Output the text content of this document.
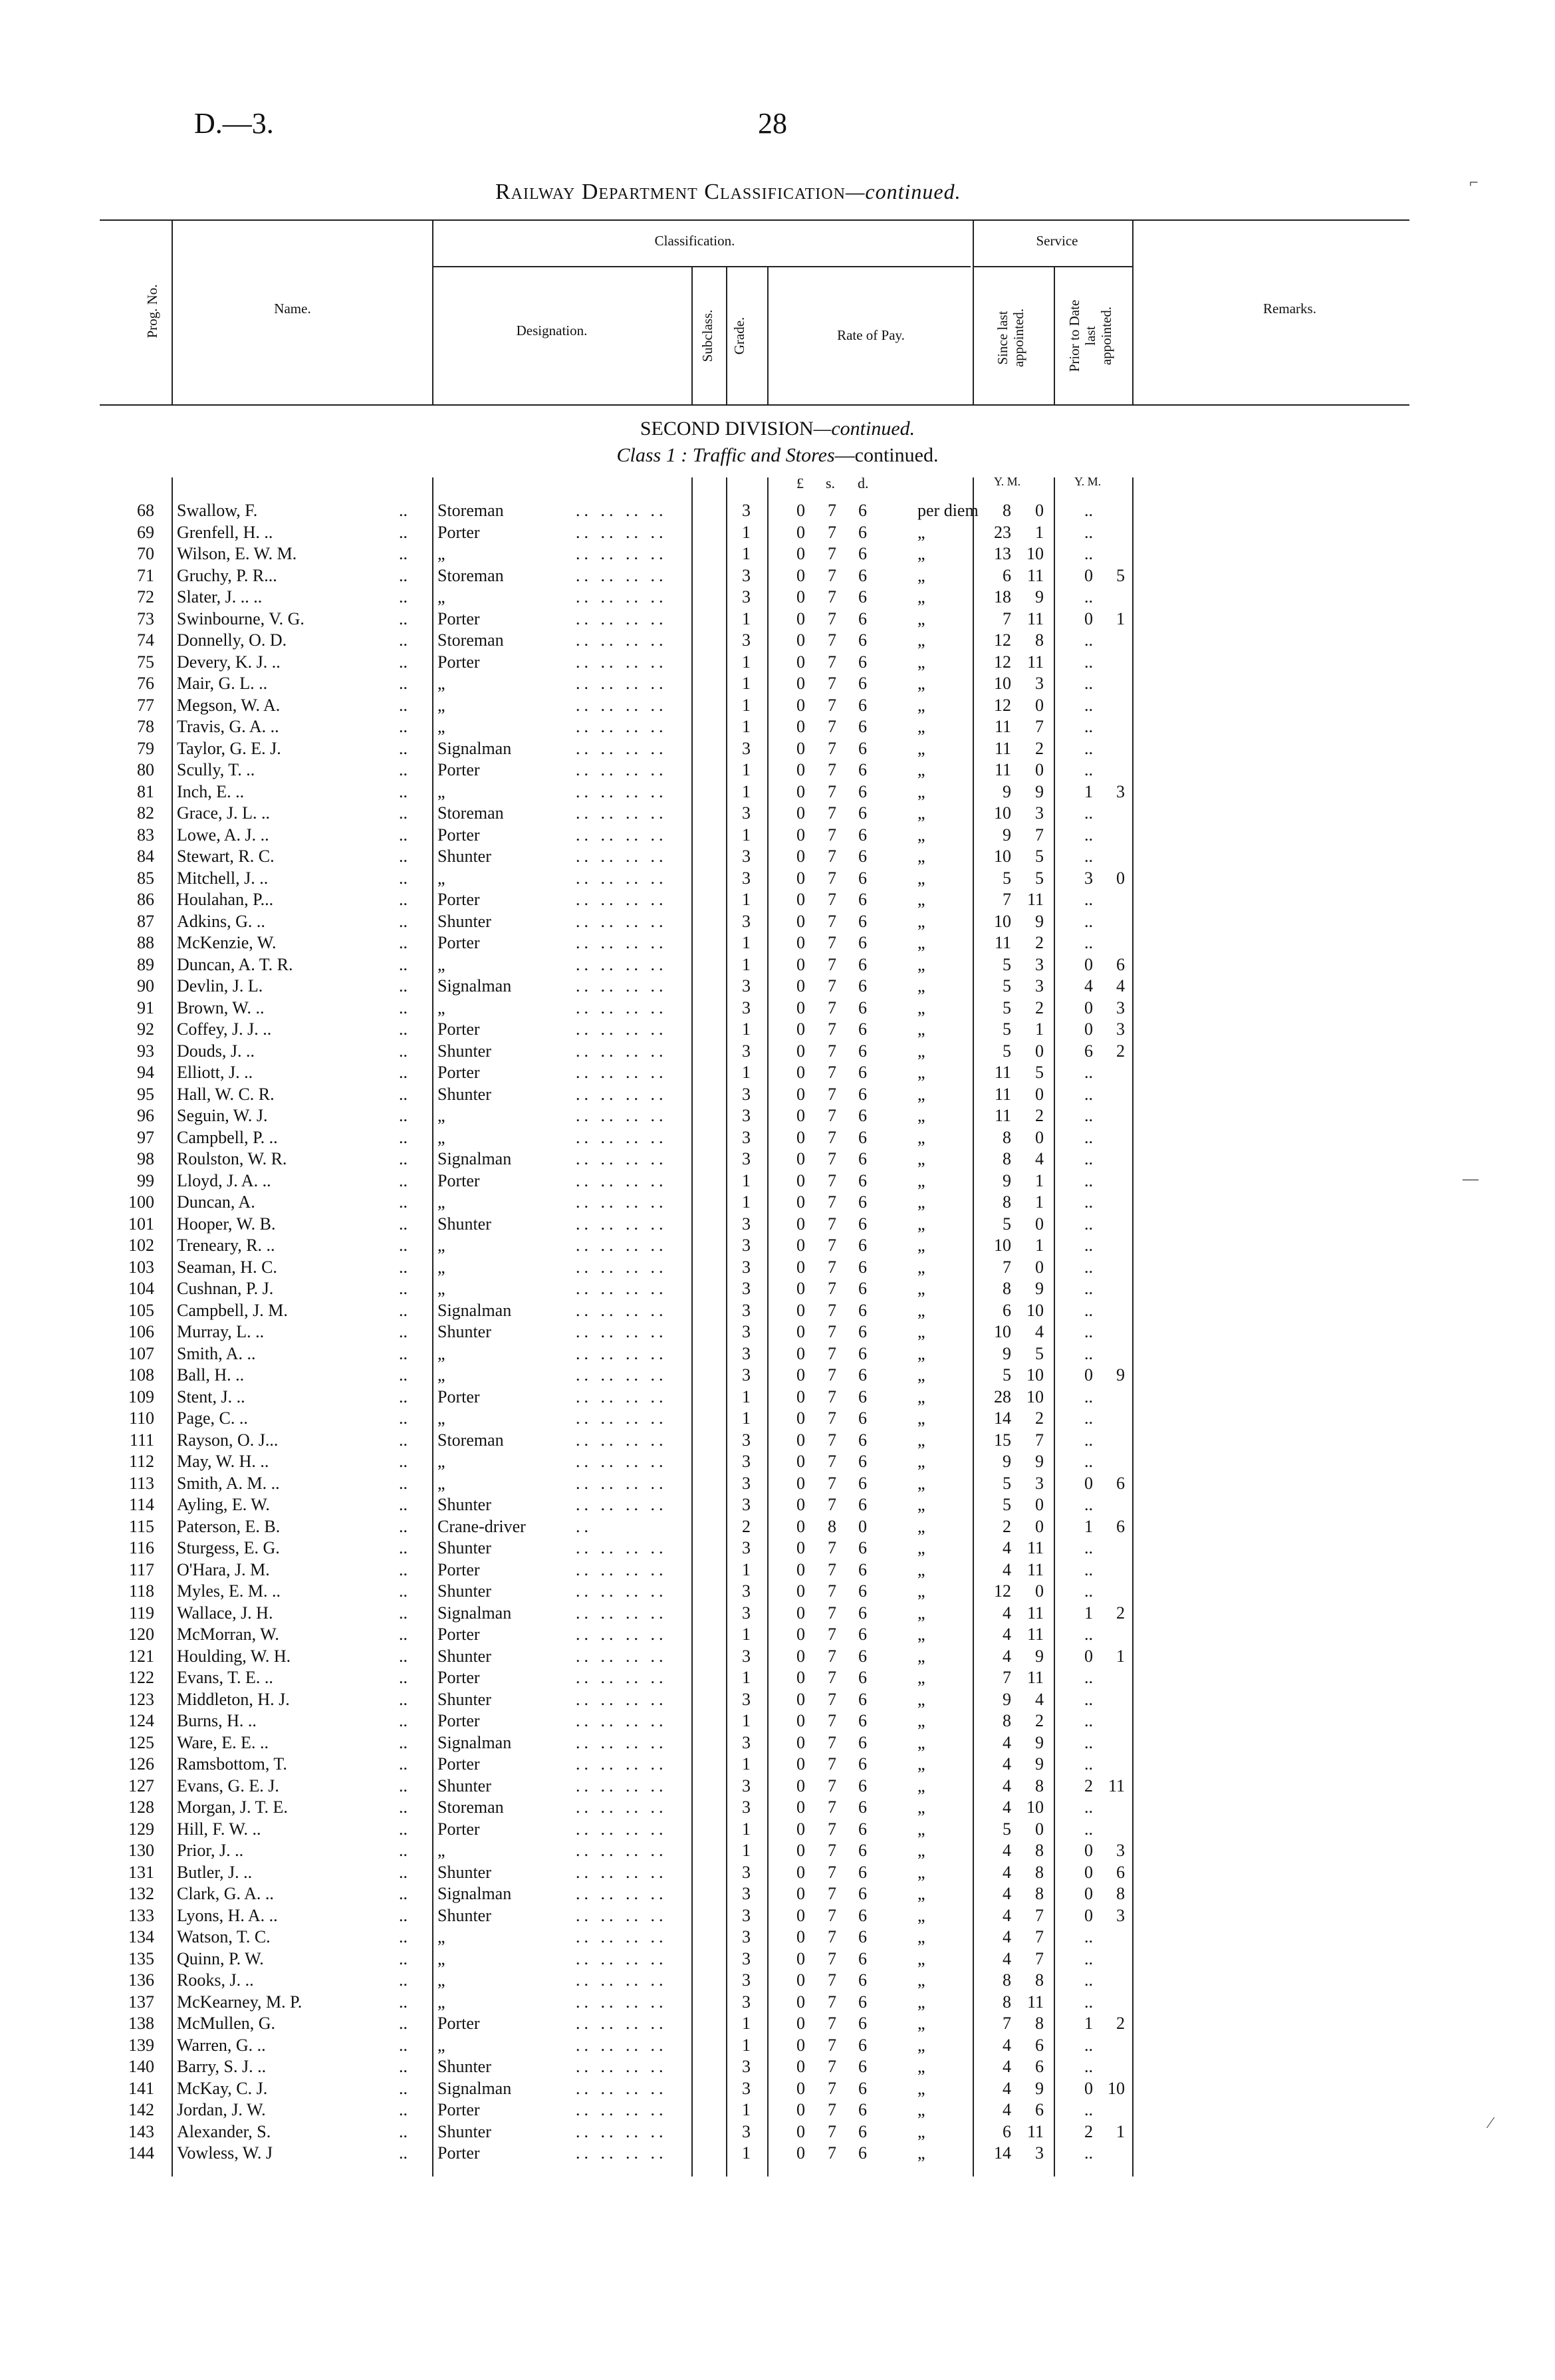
D.—3.	28
Railway Department Classification—continued.
Prog. No.	Name.
Classification.
Designation.	Subclass. Grade.	Rate of Pay.
Service
Since last
appointed.	Prior to Date
last
appointed.	Remarks.
SECOND DIVISION—continued.
Class 1 : Traffic and Stores—continued.
£ s. d.	Y. M.	Y. M.
68 Swallow, F.	.. Storeman	.. .. .. ..	3	0 7 6	per diem	8	0	..
69 Grenfell, H. ..	.. Porter	.. .. .. ..	1	0 7 6	„	23	1	..
70 Wilson, E. W. M.	.. „	.. .. .. ..	1	0 7 6	„	13 10	..
71 Gruchy, P. R...	.. Storeman	.. .. .. ..	3	0 7 6	„	6 11	0	5
72 Slater, J. .. ..	.. „	.. .. .. ..	3	0 7 6	„	18	9	..
73 Swinbourne, V. G.	.. Porter	.. .. .. ..	1	0 7 6	„	7 11	0	1
74 Donnelly, O. D.	.. Storeman	.. .. .. ..	3	0 7 6	„	12	8	..
75 Devery, K. J. ..	.. Porter	.. .. .. ..	1	0 7 6	„	12 11	..
76 Mair, G. L. ..	.. „	.. .. .. ..	1	0 7 6	„	10	3	..
77 Megson, W. A.	.. „	.. .. .. ..	1	0 7 6	„	12	0	..
78 Travis, G. A. ..	.. „	.. .. .. ..	1	0 7 6	„	11	7	..
79 Taylor, G. E. J.	.. Signalman	.. .. .. ..	3	0 7 6	„	11	2	..
80 Scully, T. ..	.. Porter	.. .. .. ..	1	0 7 6	„	11	0	..
81 Inch, E. ..	.. „	.. .. .. ..	1	0 7 6	„	9	9	1	3
82 Grace, J. L. ..	.. Storeman	.. .. .. ..	3	0 7 6	„	10	3	..
83 Lowe, A. J. ..	.. Porter	.. .. .. ..	1	0 7 6	„	9	7	..
84 Stewart, R. C.	.. Shunter	.. .. .. ..	3	0 7 6	„	10	5	..
85 Mitchell, J. ..	.. „	.. .. .. ..	3	0 7 6	„	5	5	3	0
86 Houlahan, P...	.. Porter	.. .. .. ..	1	0 7 6	„	7 11	..
87 Adkins, G. ..	.. Shunter	.. .. .. ..	3	0 7 6	„	10	9	..
88 McKenzie, W.	.. Porter	.. .. .. ..	1	0 7 6	„	11	2	..
89 Duncan, A. T. R.	.. „	.. .. .. ..	1	0 7 6	„	5	3	0	6
90 Devlin, J. L.	.. Signalman	.. .. .. ..	3	0 7 6	„	5	3	4	4
91 Brown, W. ..	.. „	.. .. .. ..	3	0 7 6	„	5	2	0	3
92 Coffey, J. J. ..	.. Porter	.. .. .. ..	1	0 7 6	„	5	1	0	3
93 Douds, J. ..	.. Shunter	.. .. .. ..	3	0 7 6	„	5	0	6	2
94 Elliott, J. ..	.. Porter	.. .. .. ..	1	0 7 6	„	11	5	..
95 Hall, W. C. R.	.. Shunter	.. .. .. ..	3	0 7 6	„	11	0	..
96 Seguin, W. J.	.. „	.. .. .. ..	3	0 7 6	„	11	2	..
97 Campbell, P. ..	.. „	.. .. .. ..	3	0 7 6	„	8	0	..
98 Roulston, W. R.	.. Signalman	.. .. .. ..	3	0 7 6	„	8	4	..
99 Lloyd, J. A. ..	.. Porter	.. .. .. ..	1	0 7 6	„	9	1	..
100 Duncan, A.	.. „	.. .. .. ..	1	0 7 6	„	8	1	..
101 Hooper, W. B.	.. Shunter	.. .. .. ..	3	0 7 6	„	5	0	..
102 Treneary, R. ..	.. „	.. .. .. ..	3	0 7 6	„	10	1	..
103 Seaman, H. C.	.. „	.. .. .. ..	3	0 7 6	„	7	0	..
104 Cushnan, P. J.	.. „	.. .. .. ..	3	0 7 6	„	8	9	..
105 Campbell, J. M.	.. Signalman	.. .. .. ..	3	0 7 6	„	6 10	..
106 Murray, L. ..	.. Shunter	.. .. .. ..	3	0 7 6	„	10	4	..
107 Smith, A. ..	.. „	.. .. .. ..	3	0 7 6	„	9	5	..
108 Ball, H. ..	.. „	.. .. .. ..	3	0 7 6	„	5 10	0	9
109 Stent, J. ..	.. Porter	.. .. .. ..	1	0 7 6	„	28 10	..
110 Page, C. ..	.. „	.. .. .. ..	1	0 7 6	„	14	2	..
111 Rayson, O. J...	.. Storeman	.. .. .. ..	3	0 7 6	„	15	7	..
112 May, W. H. ..	.. „	.. .. .. ..	3	0 7 6	„	9	9	..
113 Smith, A. M. ..	.. „	.. .. .. ..	3	0 7 6	„	5	3	0	6
114 Ayling, E. W.	.. Shunter	.. .. .. ..	3	0 7 6	„	5	0	..
115 Paterson, E. B.	.. Crane-driver	..	2	0 8 0	„	2	0	1	6
116 Sturgess, E. G.	.. Shunter	.. .. .. ..	3	0 7 6	„	4 11	..
117 O'Hara, J. M.	.. Porter	.. .. .. ..	1	0 7 6	„	4 11	..
118 Myles, E. M. ..	.. Shunter	.. .. .. ..	3	0 7 6	„	12	0	..
119 Wallace, J. H.	.. Signalman	.. .. .. ..	3	0 7 6	„	4 11	1	2
120 McMorran, W.	.. Porter	.. .. .. ..	1	0 7 6	„	4 11	..
121 Houlding, W. H.	.. Shunter	.. .. .. ..	3	0 7 6	„	4	9	0	1
122 Evans, T. E. ..	.. Porter	.. .. .. ..	1	0 7 6	„	7 11	..
123 Middleton, H. J.	.. Shunter	.. .. .. ..	3	0 7 6	„	9	4	..
124 Burns, H. ..	.. Porter	.. .. .. ..	1	0 7 6	„	8	2	..
125 Ware, E. E. ..	.. Signalman	.. .. .. ..	3	0 7 6	„	4	9	..
126 Ramsbottom, T.	.. Porter	.. .. .. ..	1	0 7 6	„	4	9	..
127 Evans, G. E. J.	.. Shunter	.. .. .. ..	3	0 7 6	„	4	8	2 11
128 Morgan, J. T. E.	.. Storeman	.. .. .. ..	3	0 7 6	„	4 10	..
129 Hill, F. W. ..	.. Porter	.. .. .. ..	1	0 7 6	„	5	0	..
130 Prior, J. ..	.. „	.. .. .. ..	1	0 7 6	„	4	8	0	3
131 Butler, J. ..	.. Shunter	.. .. .. ..	3	0 7 6	„	4	8	0	6
132 Clark, G. A. ..	.. Signalman	.. .. .. ..	3	0 7 6	„	4	8	0	8
133 Lyons, H. A. ..	.. Shunter	.. .. .. ..	3	0 7 6	„	4	7	0	3
134 Watson, T. C.	.. „	.. .. .. ..	3	0 7 6	„	4	7	..
135 Quinn, P. W.	.. „	.. .. .. ..	3	0 7 6	„	4	7	..
136 Rooks, J. ..	.. „	.. .. .. ..	3	0 7 6	„	8	8	..
137 McKearney, M. P.	.. „	.. .. .. ..	3	0 7 6	„	8 11	..
138 McMullen, G.	.. Porter	.. .. .. ..	1	0 7 6	„	7	8	1	2
139 Warren, G. ..	.. „	.. .. .. ..	1	0 7 6	„	4	6	..
140 Barry, S. J. ..	.. Shunter	.. .. .. ..	3	0 7 6	„	4	6	..
141 McKay, C. J.	.. Signalman	.. .. .. ..	3	0 7 6	„	4	9	0 10
142 Jordan, J. W.	.. Porter	.. .. .. ..	1	0 7 6	„	4	6	..
143 Alexander, S.	.. Shunter	.. .. .. ..	3	0 7 6	„	6 11	2	1
144 Vowless, W. J	.. Porter	.. .. .. ..	1	0 7 6	„	14	3	..
⌐
—
⁄
